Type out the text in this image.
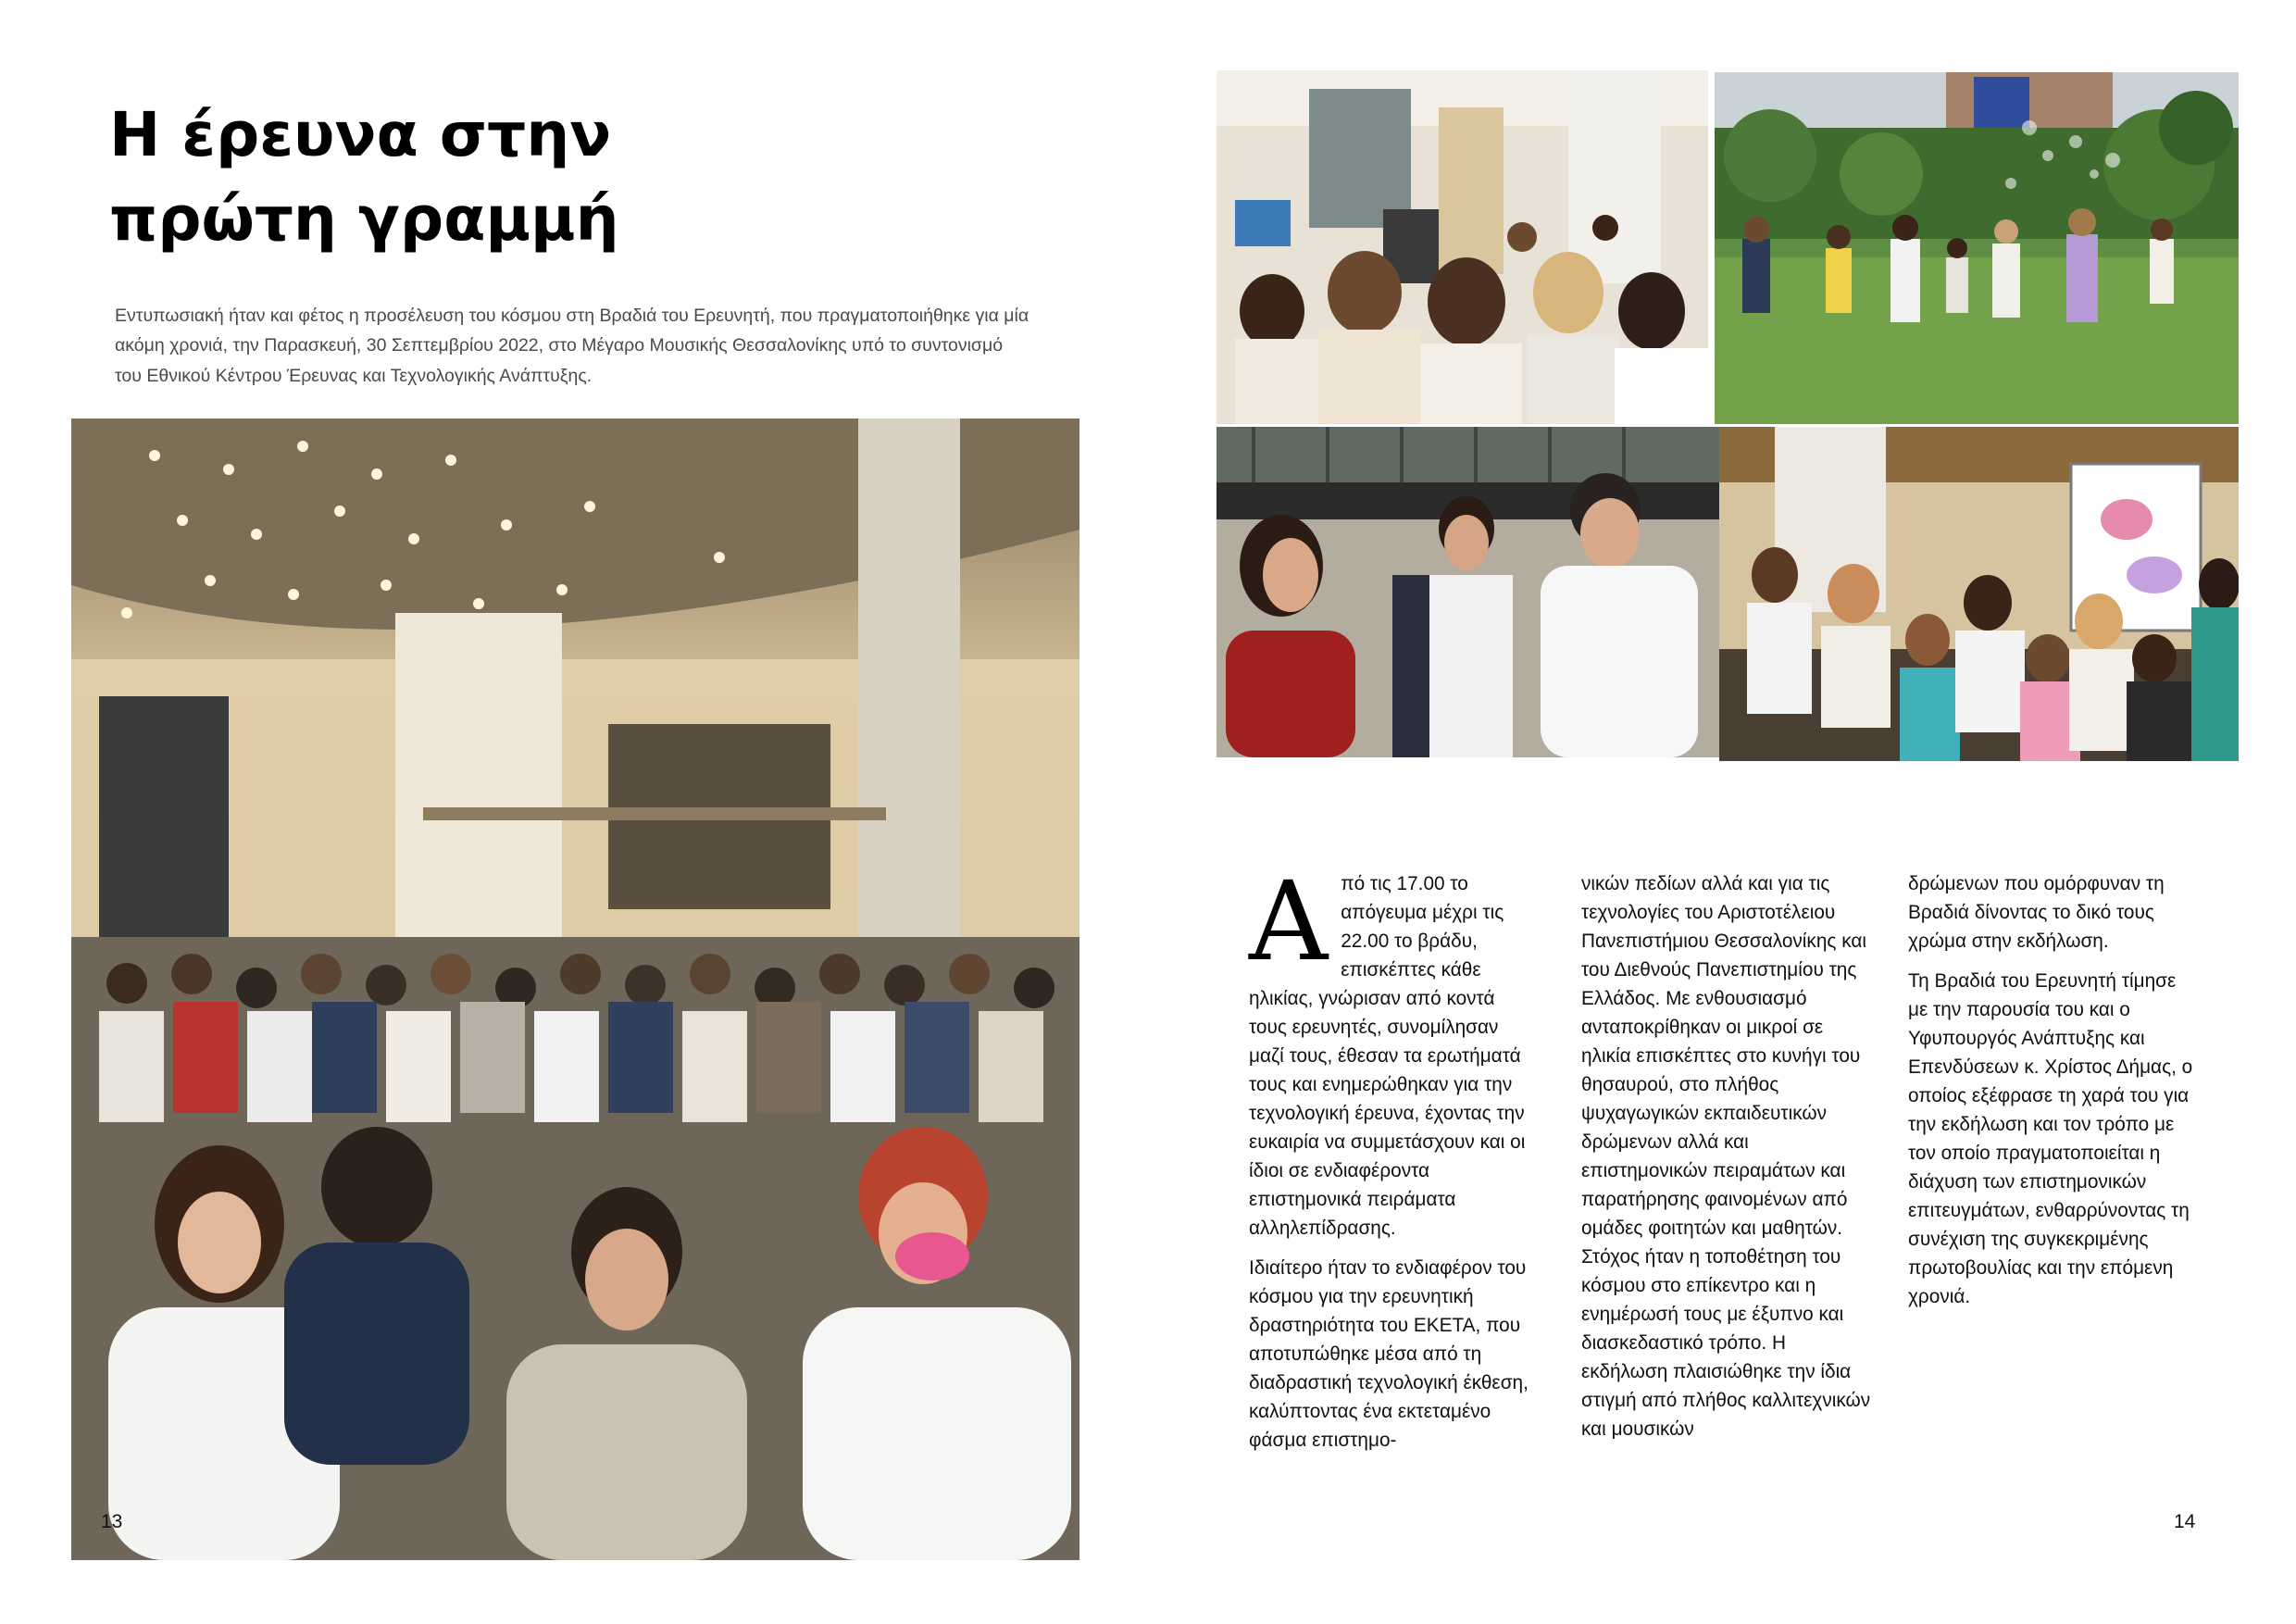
Η έρευνα στην
πρώτη γραμμή

Εντυπωσιακή ήταν και φέτος η προσέλευση του κόσμου στη Βραδιά του Ερευνητή, που πραγματοποιήθηκε για μία ακόμη χρονιά, την Παρασκευή, 30 Σεπτεμβρίου 2022, στο Μέγαρο Μουσικής Θεσσαλονίκης υπό το συντονισμό του Εθνικού Κέντρου Έρευνας και Τεχνολογικής Ανάπτυξης.

13

Από τις 17.00 το απόγευμα μέχρι τις 22.00 το βράδυ, επισκέπτες κάθε ηλικίας, γνώρισαν από κοντά τους ερευνητές, συνομίλησαν μαζί τους, έθεσαν τα ερωτήματά τους και ενημερώθηκαν για την τεχνολογική έρευνα, έχοντας την ευκαιρία να συμμετάσχουν και οι ίδιοι σε ενδιαφέροντα επιστημονικά πειράματα αλληλεπίδρασης.

Ιδιαίτερο ήταν το ενδιαφέρον του κόσμου για την ερευνητική δραστηριότητα του ΕΚΕΤΑ, που αποτυπώθηκε μέσα από τη διαδραστική τεχνολογική έκθεση, καλύπτοντας ένα εκτεταμένο φάσμα επιστημο-

νικών πεδίων αλλά και για τις τεχνολογίες του Αριστοτέλειου Πανεπιστήμιου Θεσσαλονίκης και του Διεθνούς Πανεπιστημίου της Ελλάδος. Με ενθουσιασμό ανταποκρίθηκαν οι μικροί σε ηλικία επισκέπτες στο κυνήγι του θησαυρού, στο πλήθος ψυχαγωγικών εκπαιδευτικών δρώμενων αλλά και επιστημονικών πειραμάτων και παρατήρησης φαινομένων από ομάδες φοιτητών και μαθητών. Στόχος ήταν η τοποθέτηση του κόσμου στο επίκεντρο και η ενημέρωσή τους με έξυπνο και διασκεδαστικό τρόπο. Η εκδήλωση πλαισιώθηκε την ίδια στιγμή από πλήθος καλλιτεχνικών και μουσικών

δρώμενων που ομόρφυναν τη Βραδιά δίνοντας το δικό τους χρώμα στην εκδήλωση.

Τη Βραδιά του Ερευνητή τίμησε με την παρουσία του και ο Υφυπουργός Ανάπτυξης και Επενδύσεων κ. Χρίστος Δήμας, ο οποίος εξέφρασε τη χαρά του για την εκδήλωση και τον τρόπο με τον οποίο πραγματοποιείται η διάχυση των επιστημονικών επιτευγμάτων, ενθαρρύνοντας τη συνέχιση της συγκεκριμένης πρωτοβουλίας και την επόμενη χρονιά.

14
